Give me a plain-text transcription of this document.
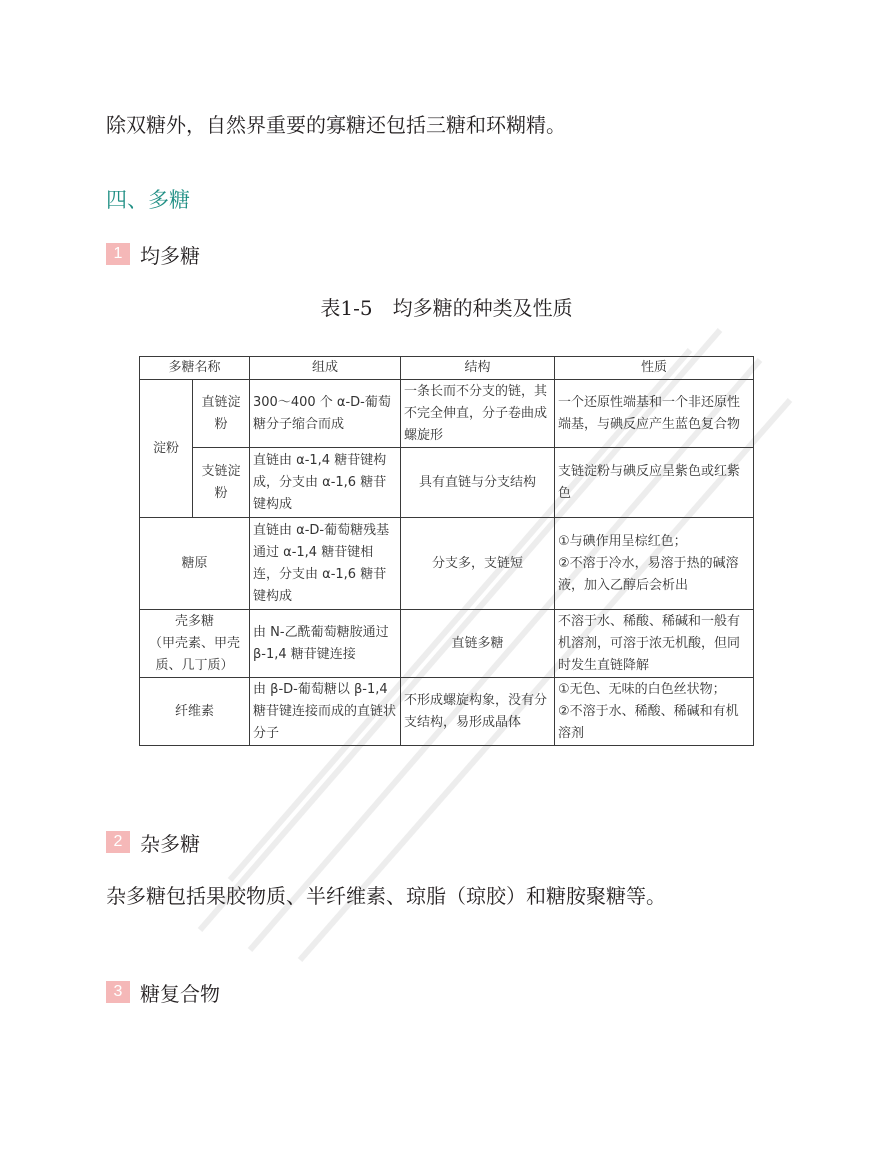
除双糖外，自然界重要的寡糖还包括三糖和环糊精。
四、多糖
1 均多糖
表1-5　均多糖的种类及性质
多糖名称		组成	结构	性质
淀粉	直链淀粉	300～400 个 α-D-葡萄糖分子缩合而成	一条长而不分支的链，其不完全伸直，分子卷曲成螺旋形	一个还原性端基和一个非还原性端基，与碘反应产生蓝色复合物
	支链淀粉	直链由 α-1,4 糖苷键构成，分支由 α-1,6 糖苷键构成	具有直链与分支结构	支链淀粉与碘反应呈紫色或红紫色
糖原		直链由 α-D-葡萄糖残基通过 α-1,4 糖苷键相连，分支由 α-1,6 糖苷键构成	分支多，支链短	①与碘作用呈棕红色；
②不溶于冷水，易溶于热的碱溶液，加入乙醇后会析出

壳多糖
（甲壳素、甲壳质、几丁质）		由 N-乙酰葡萄糖胺通过 β-1,4 糖苷键连接	直链多糖	不溶于水、稀酸、稀碱和一般有机溶剂，可溶于浓无机酸，但同时发生直链降解
纤维素		由 β-D-葡萄糖以 β-1,4 糖苷键连接而成的直链状分子	不形成螺旋构象，没有分支结构，易形成晶体	①无色、无味的白色丝状物；
②不溶于水、稀酸、稀碱和有机溶剂
2 杂多糖
杂多糖包括果胶物质、半纤维素、琼脂（琼胶）和糖胺聚糖等。
3 糖复合物
